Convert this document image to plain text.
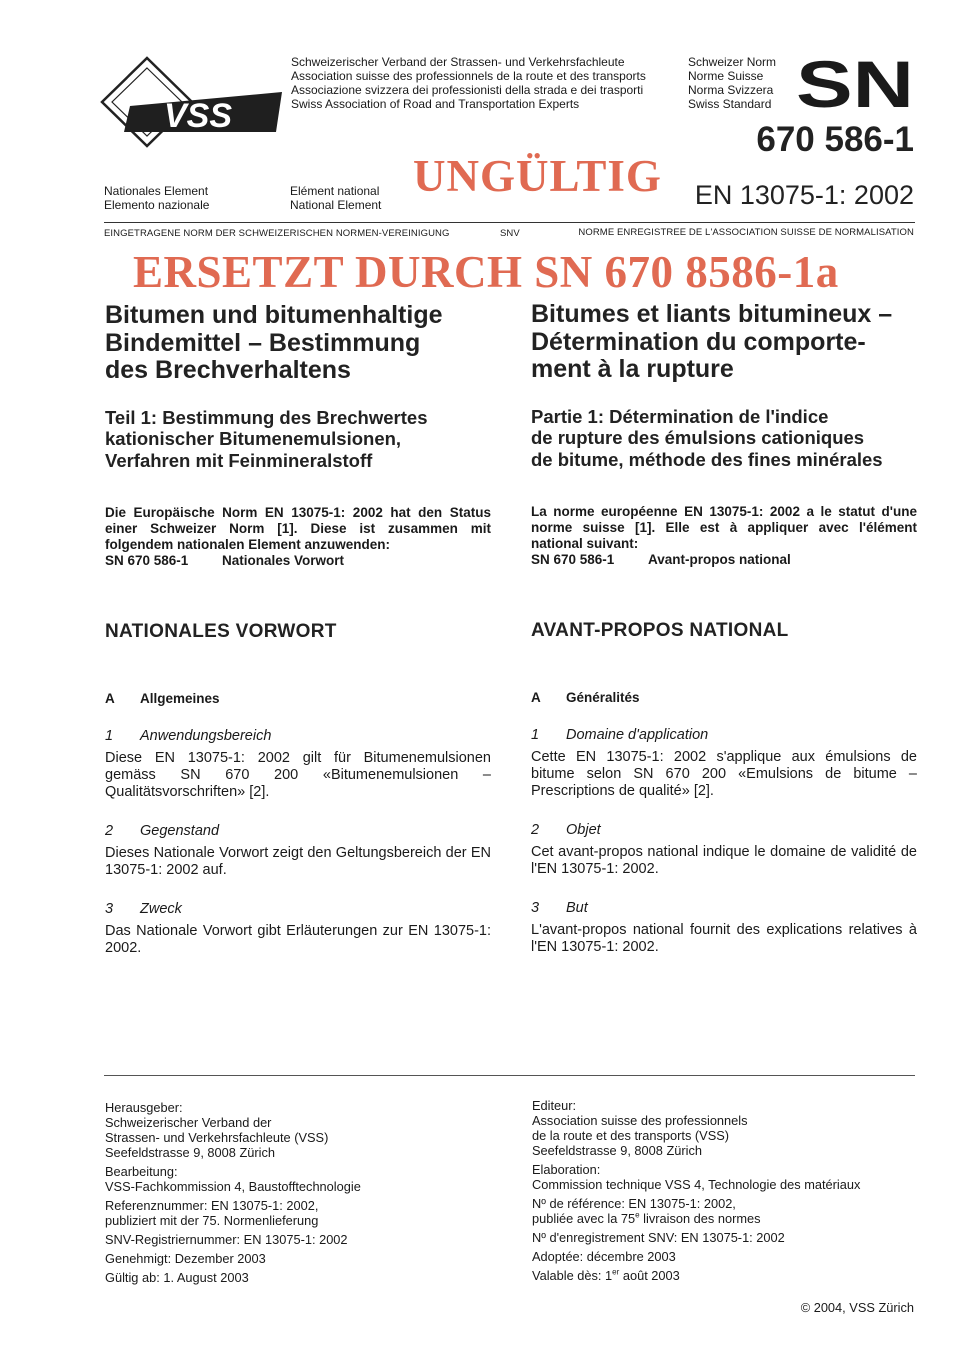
VSS
Schweizerischer Verband der Strassen- und Verkehrsfachleute
Association suisse des professionnels de la route et des transports
Associazione svizzera dei professionisti della strada e dei trasporti
Swiss Association of Road and Transportation Experts
Schweizer Norm
Norme Suisse
Norma Svizzera
Swiss Standard SN
670 586-1
UNGÜLTIG EN 13075-1: 2002
Nationales Element
Elemento nazionale
Elément national
National Element
EINGETRAGENE NORM DER SCHWEIZERISCHEN NORMEN-VEREINIGUNG	SNV	NORME ENREGISTREE DE L'ASSOCIATION SUISSE DE NORMALISATION
ERSETZT DURCH SN 670 8586-1a
Bitumen und bitumenhaltige
Bindemittel – Bestimmung
des Brechverhaltens
Teil 1: Bestimmung des Brechwertes
kationischer Bitumenemulsionen,
Verfahren mit Feinmineralstoff
Die Europäische Norm EN 13075-1: 2002 hat den Status einer Schweizer Norm [1]. Diese ist zusammen mit folgendem nationalen Element anzuwenden:
SN 670 586-1 Nationales Vorwort
NATIONALES VORWORT
A Allgemeines
1 Anwendungsbereich
Diese EN 13075-1: 2002 gilt für Bitumenemulsionen gemäss SN 670 200 «Bitumenemulsionen – Qualitätsvorschriften» [2].
2 Gegenstand
Dieses Nationale Vorwort zeigt den Geltungsbereich der EN 13075-1: 2002 auf.
3 Zweck
Das Nationale Vorwort gibt Erläuterungen zur EN 13075-1: 2002.
Bitumes et liants bitumineux –
Détermination du comporte-
ment à la rupture
Partie 1: Détermination de l'indice
de rupture des émulsions cationiques
de bitume, méthode des fines minérales
La norme européenne EN 13075-1: 2002 a le statut d'une norme suisse [1]. Elle est à appliquer avec l'élément national suivant:
SN 670 586-1 Avant-propos national
AVANT-PROPOS NATIONAL
A Généralités
1 Domaine d'application
Cette EN 13075-1: 2002 s'applique aux émulsions de bitume selon SN 670 200 «Emulsions de bitume – Prescriptions de qualité» [2].
2 Objet
Cet avant-propos national indique le domaine de validité de l'EN 13075-1: 2002.
3 But
L'avant-propos national fournit des explications relatives à l'EN 13075-1: 2002.
Herausgeber:
Schweizerischer Verband der
Strassen- und Verkehrsfachleute (VSS)
Seefeldstrasse 9, 8008 Zürich
Bearbeitung:
VSS-Fachkommission 4, Baustofftechnologie
Referenznummer: EN 13075-1: 2002,
publiziert mit der 75. Normenlieferung
SNV-Registriernummer: EN 13075-1: 2002
Genehmigt: Dezember 2003
Gültig ab: 1. August 2003
Editeur:
Association suisse des professionnels
de la route et des transports (VSS)
Seefeldstrasse 9, 8008 Zürich
Elaboration:
Commission technique VSS 4, Technologie des matériaux
Nº de référence: EN 13075-1: 2002,
publiée avec la 75e livraison des normes
Nº d'enregistrement SNV: EN 13075-1: 2002
Adoptée: décembre 2003
Valable dès: 1er août 2003
© 2004, VSS Zürich
